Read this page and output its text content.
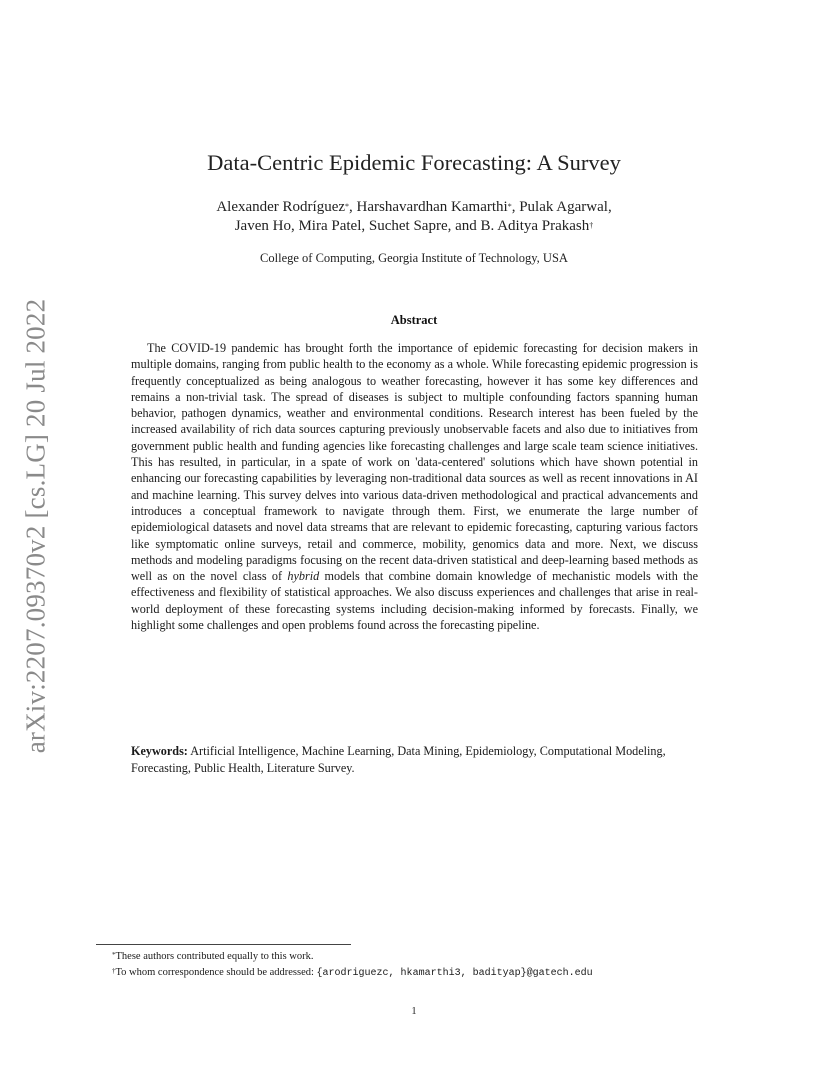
arXiv:2207.09370v2 [cs.LG] 20 Jul 2022
Data-Centric Epidemic Forecasting: A Survey
Alexander Rodríguez*, Harshavardhan Kamarthi*, Pulak Agarwal,
Javen Ho, Mira Patel, Suchet Sapre, and B. Aditya Prakash†
College of Computing, Georgia Institute of Technology, USA
Abstract

The COVID-19 pandemic has brought forth the importance of epidemic forecasting for decision makers in multiple domains, ranging from public health to the economy as a whole. While forecasting epidemic progression is frequently conceptualized as being analogous to weather forecasting, however it has some key differences and remains a non-trivial task. The spread of diseases is subject to multiple confounding factors spanning human behavior, pathogen dynamics, weather and environmental conditions. Research interest has been fueled by the increased availability of rich data sources capturing previously unobservable facets and also due to initiatives from government public health and funding agencies like forecasting challenges and large scale team science initiatives. This has resulted, in particular, in a spate of work on 'data-centered' solutions which have shown potential in enhancing our forecasting capabilities by leveraging non-traditional data sources as well as recent innovations in AI and machine learning. This survey delves into various data-driven methodological and practical advancements and introduces a conceptual framework to navigate through them. First, we enumerate the large number of epidemiological datasets and novel data streams that are relevant to epidemic forecasting, capturing various factors like symptomatic online surveys, retail and commerce, mobility, genomics data and more. Next, we discuss methods and modeling paradigms focusing on the recent data-driven statistical and deep-learning based methods as well as on the novel class of hybrid models that combine domain knowledge of mechanistic models with the effectiveness and flexibility of statistical approaches. We also discuss experiences and challenges that arise in real-world deployment of these forecasting systems including decision-making informed by forecasts. Finally, we highlight some challenges and open problems found across the forecasting pipeline.

Keywords: Artificial Intelligence, Machine Learning, Data Mining, Epidemiology, Computational Modeling, Forecasting, Public Health, Literature Survey.

*These authors contributed equally to this work.
†To whom correspondence should be addressed: {arodriguezc, hkamarthi3, badityap}@gatech.edu
1
